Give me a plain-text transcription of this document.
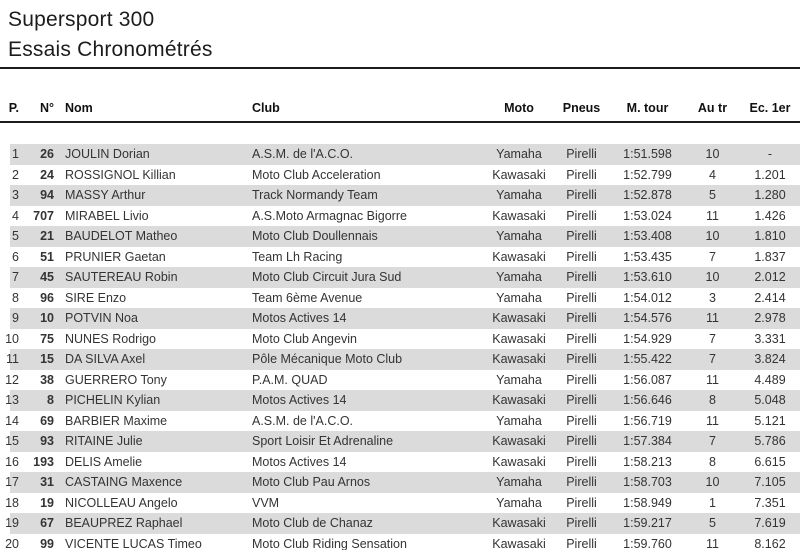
Supersport 300
Essais Chronométrés
P.	N°	Nom	Club	Moto	Pneus	M. tour	Au tr	Ec. 1er

1	26	JOULIN Dorian	A.S.M. de l'A.C.O.	Yamaha	Pirelli	1:51.598	10	-
2	24	ROSSIGNOL Killian	Moto Club Acceleration	Kawasaki	Pirelli	1:52.799	4	1.201
3	94	MASSY Arthur	Track Normandy Team	Yamaha	Pirelli	1:52.878	5	1.280
4	707	MIRABEL Livio	A.S.Moto Armagnac Bigorre	Kawasaki	Pirelli	1:53.024	11	1.426
5	21	BAUDELOT Matheo	Moto Club Doullennais	Yamaha	Pirelli	1:53.408	10	1.810
6	51	PRUNIER Gaetan	Team Lh Racing	Kawasaki	Pirelli	1:53.435	7	1.837
7	45	SAUTEREAU Robin	Moto Club Circuit Jura Sud	Yamaha	Pirelli	1:53.610	10	2.012
8	96	SIRE Enzo	Team 6ème Avenue	Yamaha	Pirelli	1:54.012	3	2.414
9	10	POTVIN Noa	Motos Actives 14	Kawasaki	Pirelli	1:54.576	11	2.978
10	75	NUNES Rodrigo	Moto Club Angevin	Kawasaki	Pirelli	1:54.929	7	3.331
11	15	DA SILVA Axel	Pôle Mécanique Moto Club	Kawasaki	Pirelli	1:55.422	7	3.824
12	38	GUERRERO Tony	P.A.M. QUAD	Yamaha	Pirelli	1:56.087	11	4.489
13	8	PICHELIN Kylian	Motos Actives 14	Kawasaki	Pirelli	1:56.646	8	5.048
14	69	BARBIER Maxime	A.S.M. de l'A.C.O.	Yamaha	Pirelli	1:56.719	11	5.121
15	93	RITAINE Julie	Sport Loisir Et Adrenaline	Kawasaki	Pirelli	1:57.384	7	5.786
16	193	DELIS Amelie	Motos Actives 14	Kawasaki	Pirelli	1:58.213	8	6.615
17	31	CASTAING Maxence	Moto Club Pau Arnos	Yamaha	Pirelli	1:58.703	10	7.105
18	19	NICOLLEAU Angelo	VVM	Yamaha	Pirelli	1:58.949	1	7.351
19	67	BEAUPREZ Raphael	Moto Club de Chanaz	Kawasaki	Pirelli	1:59.217	5	7.619
20	99	VICENTE LUCAS Timeo	Moto Club Riding Sensation	Kawasaki	Pirelli	1:59.760	11	8.162
